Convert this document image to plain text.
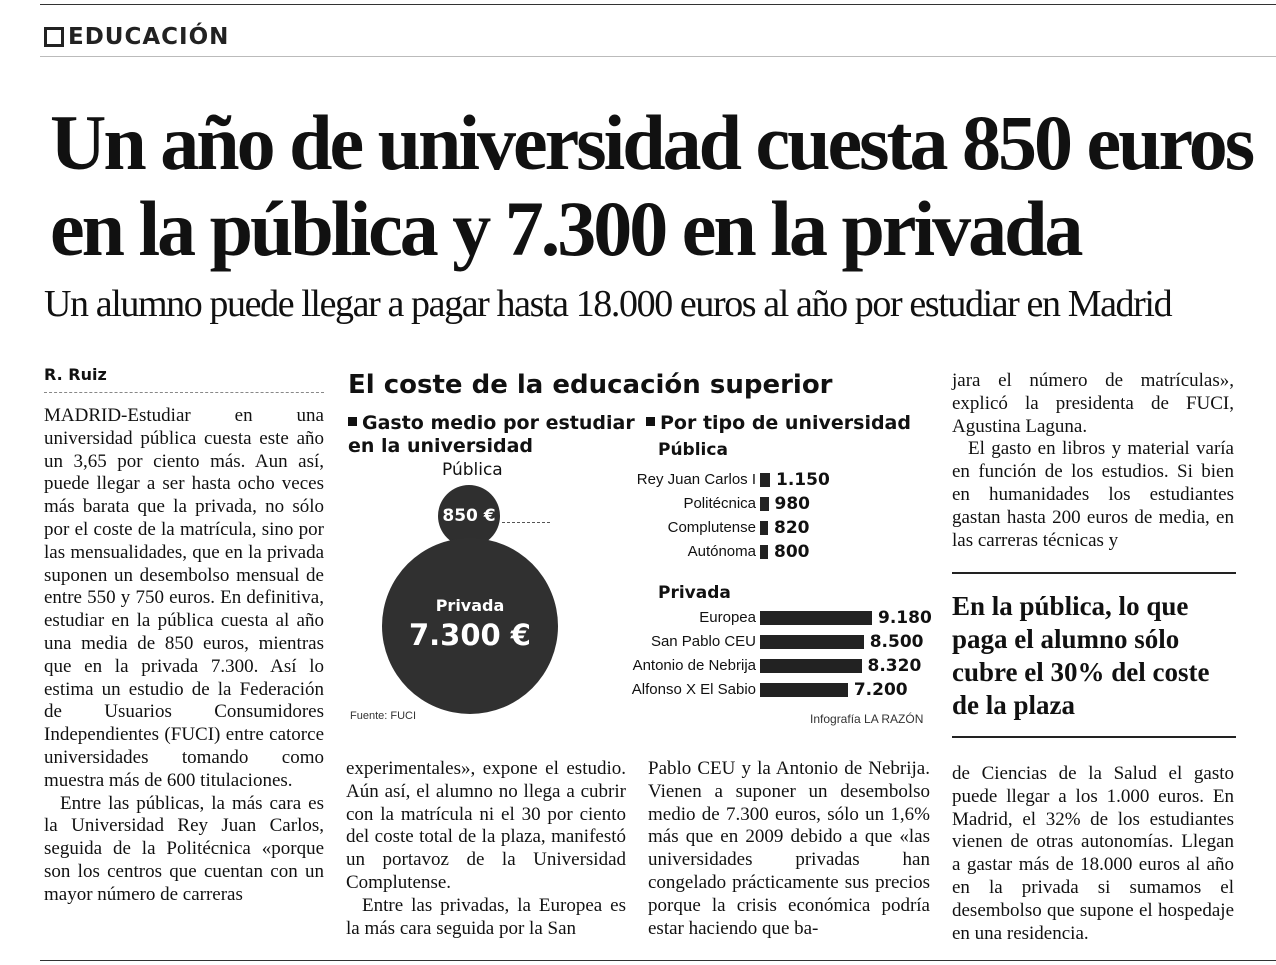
EDUCACIÓN
Un año de universidad cuesta 850 euros en la pública y 7.300 en la privada
Un alumno puede llegar a pagar hasta 18.000 euros al año por estudiar en Madrid
R. Ruiz

MADRID-Estudiar en una universidad pública cuesta este año un 3,65 por ciento más. Aun así, puede llegar a ser hasta ocho veces más barata que la privada, no sólo por el coste de la matrícula, sino por las mensualidades, que en la privada suponen un desembolso mensual de entre 550 y 750 euros. En definitiva, estudiar en la pública cuesta al año una media de 850 euros, mientras que en la privada 7.300. Así lo estima un estudio de la Federación de Usuarios Consumidores Independientes (FUCI) entre catorce universidades tomando como muestra más de 600 titulaciones.

Entre las públicas, la más cara es la Universidad Rey Juan Carlos, seguida de la Politécnica «porque son los centros que cuentan con un mayor número de carreras

El coste de la educación superior
Gasto medio por estudiar en la universidad
Por tipo de universidad
Pública
850 €
Privada
7.300 €
Pública
Rey Juan Carlos I 1.150
Politécnica 980
Complutense 820
Autónoma 800
Privada
Europea	9.180
San Pablo CEU	8.500
Antonio de Nebrija	8.320
Alfonso X El Sabio	7.200
Fuente: FUCI	Infografía LA RAZÓN

experimentales», expone el estudio. Aún así, el alumno no llega a cubrir con la matrícula ni el 30 por ciento del coste total de la plaza, manifestó un portavoz de la Universidad Complutense.

Entre las privadas, la Europea es la más cara seguida por la San

Pablo CEU y la Antonio de Nebrija. Vienen a suponer un desembolso medio de 7.300 euros, sólo un 1,6% más que en 2009 debido a que «las universidades privadas han congelado prácticamente sus precios porque la crisis económica podría estar haciendo que ba-

jara el número de matrículas», explicó la presidenta de FUCI, Agustina Laguna.

El gasto en libros y material varía en función de los estudios. Si bien en humanidades los estudiantes gastan hasta 200 euros de media, en las carreras técnicas y

En la pública, lo que paga el alumno sólo cubre el 30% del coste de la plaza

de Ciencias de la Salud el gasto puede llegar a los 1.000 euros. En Madrid, el 32% de los estudiantes vienen de otras autonomías. Llegan a gastar más de 18.000 euros al año en la privada si sumamos el desembolso que supone el hospedaje en una residencia.
